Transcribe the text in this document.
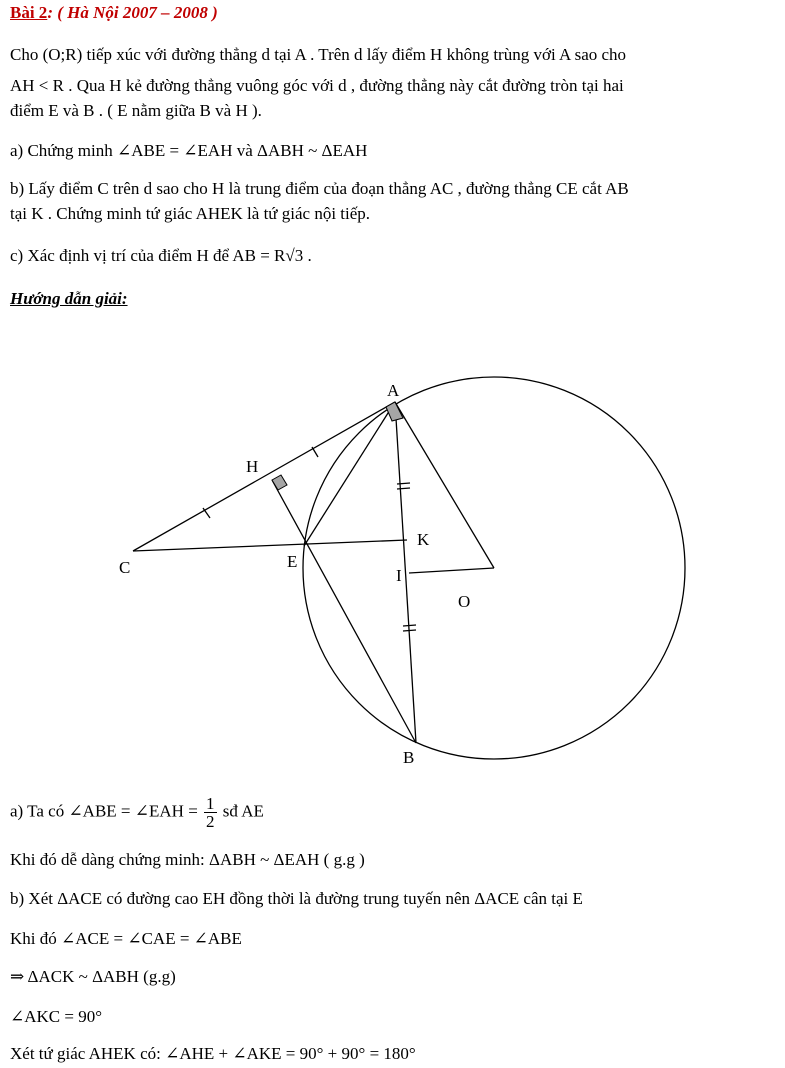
Bài 2: ( Hà Nội 2007 – 2008 )
Cho (O;R) tiếp xúc với đường thẳng d tại A . Trên d lấy điểm H không trùng với A sao cho
AH < R . Qua H kẻ đường thẳng vuông góc với d , đường thẳng này cắt đường tròn tại hai
điểm E và B . ( E nằm giữa B và H ).
a) Chứng minh ∠ABE = ∠EAH và ΔABH ~ ΔEAH
b) Lấy điểm C trên d sao cho H là trung điểm của đoạn thẳng AC , đường thẳng CE cắt AB
tại K . Chứng minh tứ giác AHEK là tứ giác nội tiếp.
c) Xác định vị trí của điểm H để AB = R√3 .
Hướng dẫn giải:
A
H
C	E
K
I
O
B
a) Ta có ∠ABE = ∠EAH = $\frac{1}{2}$ sđ AE
Khi đó dễ dàng chứng minh: ΔABH ~ ΔEAH ( g.g )
b) Xét ΔACE có đường cao EH đồng thời là đường trung tuyến nên ΔACE cân tại E
Khi đó ∠ACE = ∠CAE = ∠ABE
⇒ ΔACK ~ ΔABH (g.g)
∠AKC = 90°
Xét tứ giác AHEK có: ∠AHE + ∠AKE = 90° + 90° = 180°
